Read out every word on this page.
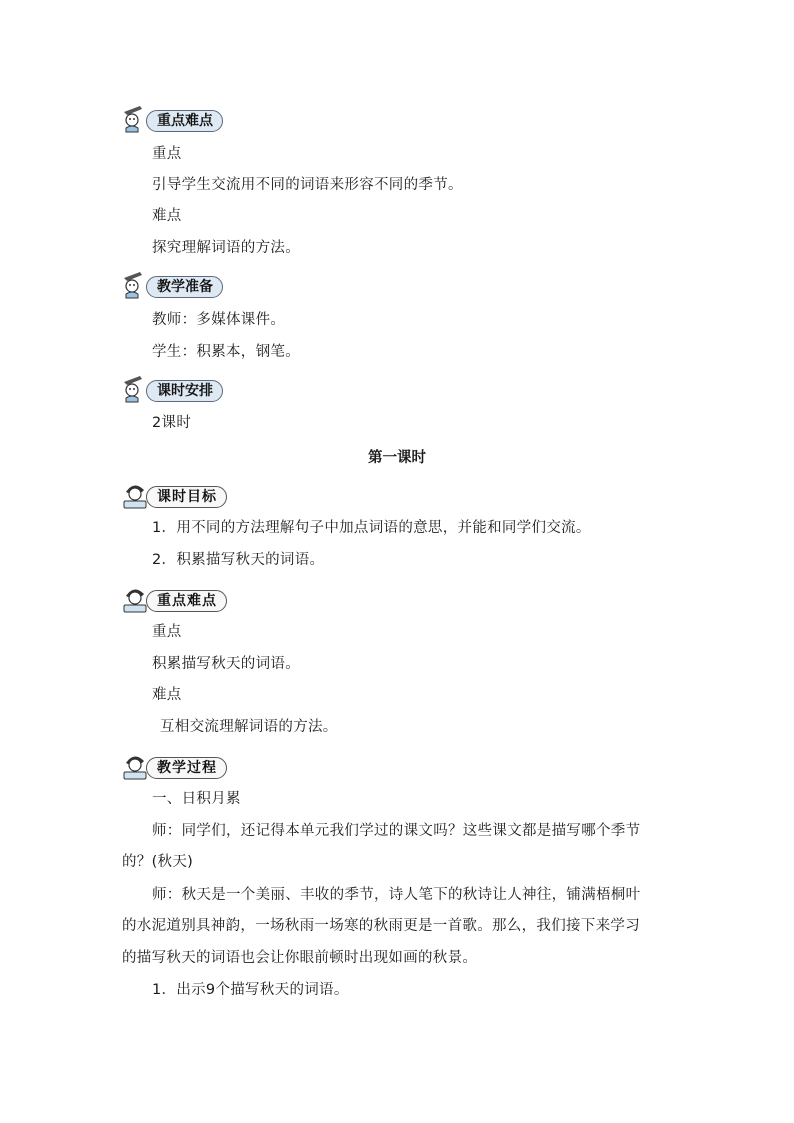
重点难点
重点
引导学生交流用不同的词语来形容不同的季节。
难点
探究理解词语的方法。
教学准备
教师：多媒体课件。
学生：积累本，钢笔。
课时安排
2课时
第一课时
课时目标
1．用不同的方法理解句子中加点词语的意思，并能和同学们交流。
2．积累描写秋天的词语。
重点难点
重点
积累描写秋天的词语。
难点
互相交流理解词语的方法。
教学过程
一、日积月累
师：同学们，还记得本单元我们学过的课文吗？这些课文都是描写哪个季节
的？(秋天)
师：秋天是一个美丽、丰收的季节，诗人笔下的秋诗让人神往，铺满梧桐叶
的水泥道别具神韵，一场秋雨一场寒的秋雨更是一首歌。那么，我们接下来学习
的描写秋天的词语也会让你眼前顿时出现如画的秋景。
1．出示9个描写秋天的词语。
